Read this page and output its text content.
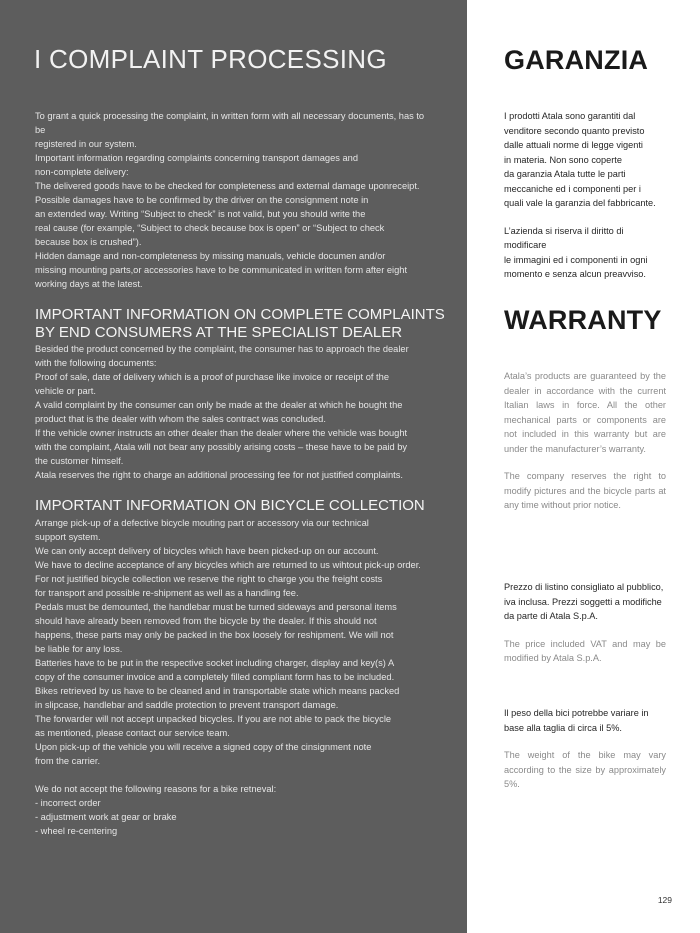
I COMPLAINT PROCESSING

To grant a quick processing the complaint, in written form with all necessary documents, has to be

registered in our system.

Important information regarding complaints concerning transport damages and

non-complete delivery:

The delivered goods have to be checked for completeness and external damage uponreceipt.

Possible damages have to be confirmed by the driver on the consignment note in

an extended way. Writing “Subject to check” is not valid, but you should write the

real cause (for example, “Subject to check because box is open” or “Subject to check

because box is crushed”).

Hidden damage and non-completeness by missing manuals, vehicle documen and/or

missing mounting parts,or accessories have to be communicated in written form after eight

working days at the latest.

IMPORTANT INFORMATION ON COMPLETE COMPLAINTS
BY END CONSUMERS AT THE SPECIALIST DEALER

Besided the product concerned by the complaint, the consumer has to approach the dealer

with the following documents:

Proof of sale, date of delivery which is a proof of purchase like invoice or receipt of the

vehicle or part.

A valid complaint by the consumer can only be made at the dealer at which he bought the

product that is the dealer with whom the sales contract was concluded.

If the vehicle owner instructs an other dealer than the dealer where the vehicle was bought

with the complaint, Atala will not bear any possibly arising costs – these have to be paid by

the customer himself.

Atala reserves the right to charge an additional processing fee for not justified complaints.

IMPORTANT INFORMATION ON BICYCLE COLLECTION

Arrange pick-up of a defective bicycle mouting part or accessory via our technical

support system.

We can only accept delivery of bicycles which have been picked-up on our account.

We have to decline acceptance of any bicycles which are returned to us wihtout pick-up order.

For not justified bicycle collection we reserve the right to charge you the freight costs

for transport and possible re-shipment as well as a handling fee.

Pedals must be demounted, the handlebar must be turned sideways and personal items

should have already been removed from the bicycle by the dealer. If this should not

happens, these parts may only be packed in the box loosely for reshipment. We will not

be liable for any loss.

Batteries have to be put in the respective socket including charger, display and key(s) A

copy of the consumer invoice and a completely filled compliant form has to be included.

Bikes retrieved by us have to be cleaned and in transportable state which means packed

in slipcase, handlebar and saddle protection to prevent transport damage.

The forwarder will not accept unpacked bicycles. If you are not able to pack the bicycle

as mentioned, please contact our service team.

Upon pick-up of the vehicle you will receive a signed copy of the cinsignment note

from the carrier.

We do not accept the following reasons for a bike retneval:

- incorrect order

- adjustment work at gear or brake

- wheel re-centering

GARANZIA

I prodotti Atala sono garantiti dal

venditore secondo quanto previsto

dalle attuali norme di legge vigenti

in materia. Non sono coperte

da garanzia Atala tutte le parti

meccaniche ed i componenti per i

quali vale la garanzia del fabbricante.

L’azienda si riserva il diritto di modificare

le immagini ed i componenti in ogni

momento e senza alcun preavviso.

WARRANTY

Atala’s products are guaranteed by the dealer in accordance with the current Italian laws in force. All the other mechanical parts or components are not included in this warranty but are under the manufacturer’s warranty.

The company reserves the right to modify pictures and the bicycle parts at any time without prior notice.

Prezzo di listino consigliato al pubblico,

iva inclusa. Prezzi soggetti a modifiche

da parte di Atala S.p.A.

The price included VAT and may be modified by Atala S.p.A.

Il peso della bici potrebbe variare in

base alla taglia di circa il 5%.

The weight of the bike may vary according to the size by approximately 5%.

129
